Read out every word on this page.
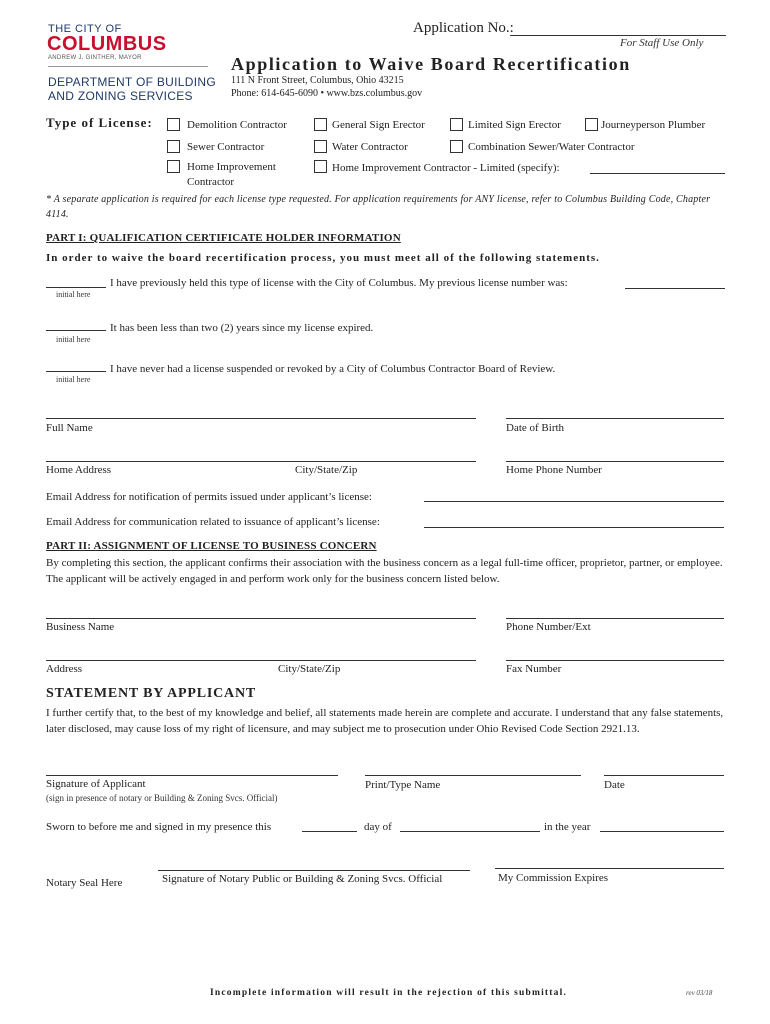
THE CITY OF
COLUMBUS
ANDREW J. GINTHER, MAYOR
DEPARTMENT OF BUILDING
AND ZONING SERVICES
Application No.:
For Staff Use Only
Application to Waive Board Recertification
111 N Front Street, Columbus, Ohio 43215
Phone: 614-645-6090 • www.bzs.columbus.gov
Type of License:	Demolition Contractor	General Sign Erector	Limited Sign Erector	Journeyperson Plumber
Sewer Contractor	Water Contractor	Combination Sewer/Water Contractor
Home Improvement
Contractor
Home Improvement Contractor - Limited (specify):
* A separate application is required for each license type requested. For application requirements for ANY license, refer to Columbus Building Code, Chapter 4114.
PART I: QUALIFICATION CERTIFICATE HOLDER INFORMATION
In order to waive the board recertification process, you must meet all of the following statements.
initial here
I have previously held this type of license with the City of Columbus. My previous license number was:
initial here
It has been less than two (2) years since my license expired.
initial here
I have never had a license suspended or revoked by a City of Columbus Contractor Board of Review.
Full Name	Date of Birth
Home Address	City/State/Zip	Home Phone Number
Email Address for notification of permits issued under applicant’s license:
Email Address for communication related to issuance of applicant’s license:
PART II: ASSIGNMENT OF LICENSE TO BUSINESS CONCERN
By completing this section, the applicant confirms their association with the business concern as a legal full-time officer, proprietor, partner, or employee. The applicant will be actively engaged in and perform work only for the business concern listed below.
Business Name	Phone Number/Ext
Address	City/State/Zip	Fax Number
STATEMENT BY APPLICANT
I further certify that, to the best of my knowledge and belief, all statements made herein are complete and accurate. I understand that any false statements, later disclosed, may cause loss of my right of licensure, and may subject me to prosecution under Ohio Revised Code Section 2921.13.
Signature of Applicant
(sign in presence of notary or Building & Zoning Svcs. Official)
Print/Type Name	Date
Sworn to before me and signed in my presence this	day of	in the year
Notary Seal Here	Signature of Notary Public or Building & Zoning Svcs. Official	My Commission Expires
Incomplete information will result in the rejection of this submittal.	rev 03/18
